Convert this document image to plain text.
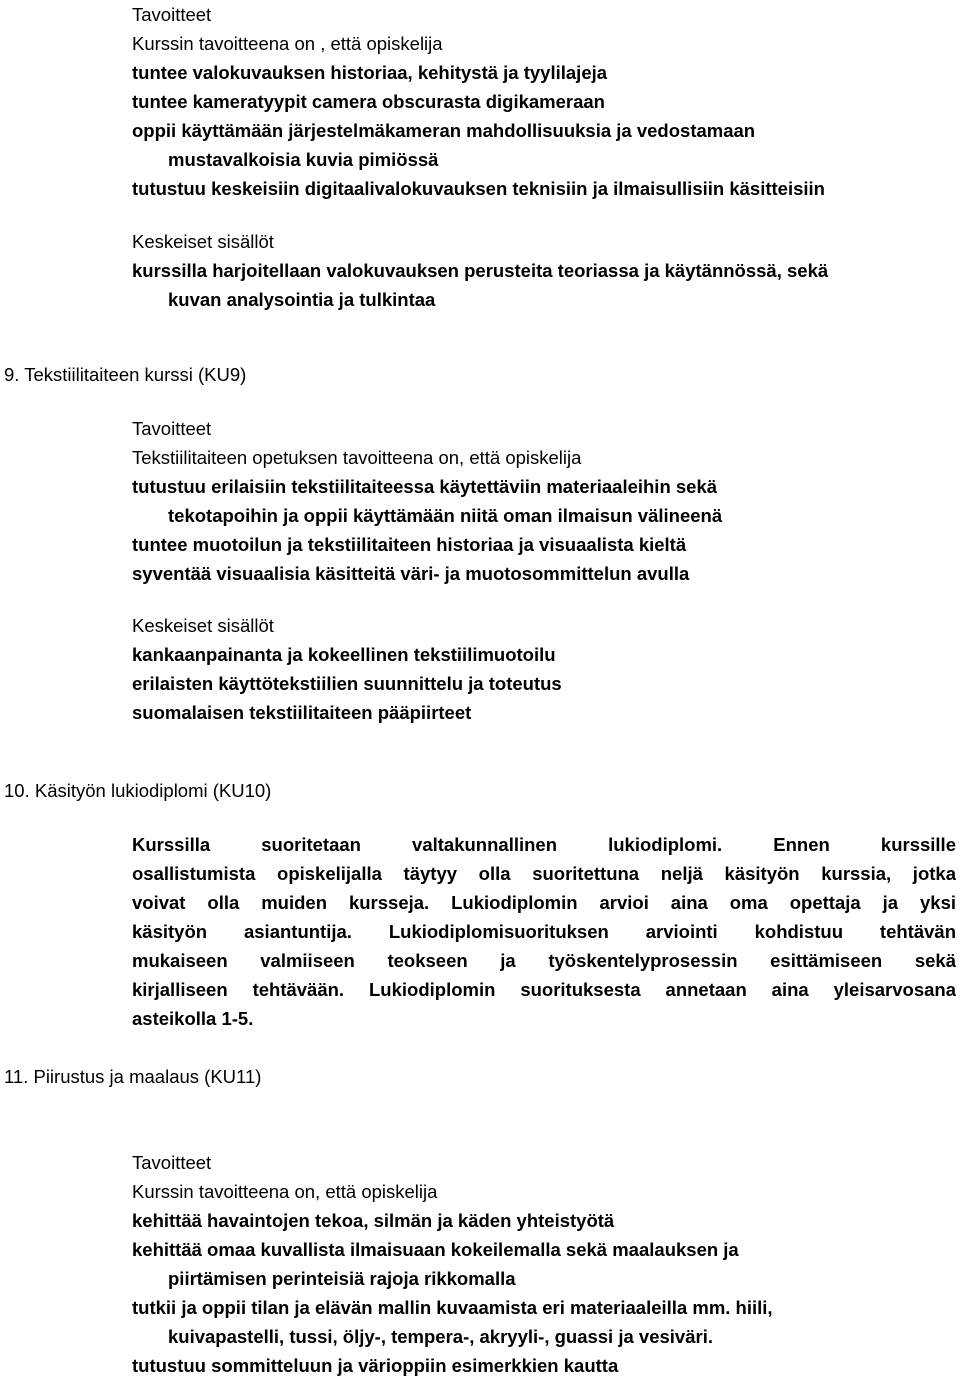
Tavoitteet
Kurssin tavoitteena on , että opiskelija
tuntee valokuvauksen historiaa, kehitystä ja tyylilajeja
tuntee kameratyypit camera obscurasta digikameraan
oppii käyttämään järjestelmäkameran mahdollisuuksia ja vedostamaan
mustavalkoisia kuvia pimiössä
tutustuu keskeisiin digitaalivalokuvauksen teknisiin ja ilmaisullisiin käsitteisiin
Keskeiset sisällöt
kurssilla harjoitellaan valokuvauksen perusteita teoriassa ja käytännössä, sekä
kuvan analysointia ja tulkintaa
9. Tekstiilitaiteen kurssi (KU9)
Tavoitteet
Tekstiilitaiteen opetuksen tavoitteena on, että opiskelija
tutustuu erilaisiin tekstiilitaiteessa käytettäviin materiaaleihin sekä
tekotapoihin ja oppii käyttämään niitä oman ilmaisun välineenä
tuntee muotoilun ja tekstiilitaiteen historiaa ja visuaalista kieltä
syventää visuaalisia käsitteitä väri- ja muotosommittelun avulla
Keskeiset sisällöt
kankaanpainanta ja kokeellinen tekstiilimuotoilu
erilaisten käyttötekstiilien suunnittelu ja toteutus
suomalaisen tekstiilitaiteen pääpiirteet
10. Käsityön lukiodiplomi (KU10)
Kurssilla suoritetaan valtakunnallinen lukiodiplomi. Ennen kurssille
osallistumista opiskelijalla täytyy olla suoritettuna neljä käsityön kurssia, jotka
voivat olla muiden kursseja. Lukiodiplomin arvioi aina oma opettaja ja yksi
käsityön asiantuntija. Lukiodiplomisuorituksen arviointi kohdistuu tehtävän
mukaiseen valmiiseen teokseen ja työskentelyprosessin esittämiseen sekä
kirjalliseen tehtävään. Lukiodiplomin suorituksesta annetaan aina yleisarvosana
asteikolla 1-5.
11. Piirustus ja maalaus (KU11)
Tavoitteet
Kurssin tavoitteena on, että opiskelija
kehittää havaintojen tekoa, silmän ja käden yhteistyötä
kehittää omaa kuvallista ilmaisuaan kokeilemalla sekä maalauksen ja
piirtämisen perinteisiä rajoja rikkomalla
tutkii ja oppii tilan ja elävän mallin kuvaamista eri materiaaleilla mm. hiili,
kuivapastelli, tussi, öljy-, tempera-, akryyli-, guassi ja vesiväri.
tutustuu sommitteluun ja värioppiin esimerkkien kautta
